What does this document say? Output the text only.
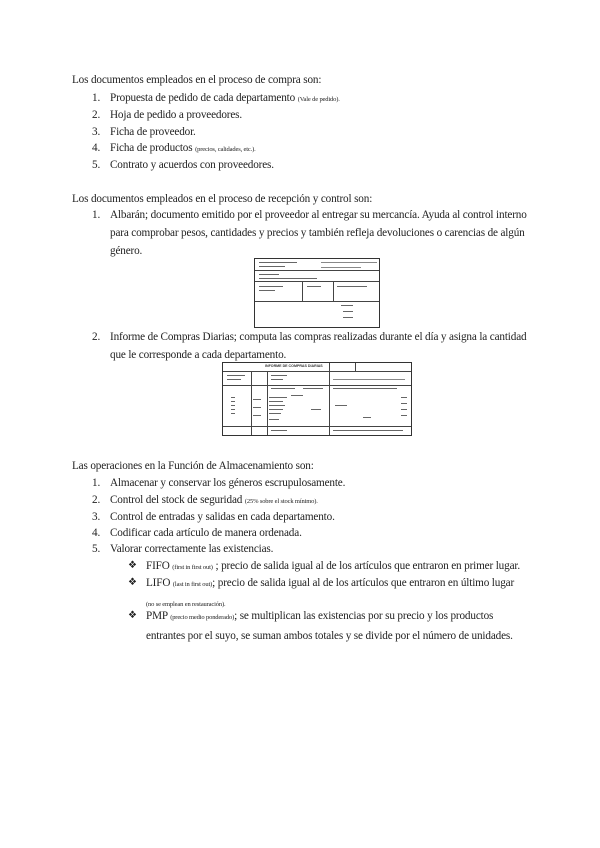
Los documentos empleados en el proceso de compra son:
1. Propuesta de pedido de cada departamento (Vale de pedido).
2. Hoja de pedido a proveedores.
3. Ficha de proveedor.
4. Ficha de productos (precios, calidades, etc.).
5. Contrato y acuerdos con proveedores.
Los documentos empleados en el proceso de recepción y control son:
1. Albarán; documento emitido por el proveedor al entregar su mercancía. Ayuda al control interno para comprobar pesos, cantidades y precios y también refleja devoluciones o carencias de algún género.
2. Informe de Compras Diarias; computa las compras realizadas durante el día y asigna la cantidad que le corresponde a cada departamento.
INFORME DE COMPRAS DIARIAS
Las operaciones en la Función de Almacenamiento son:
1. Almacenar y conservar los géneros escrupulosamente.
2. Control del stock de seguridad (25% sobre el stock mínimo).
3. Control de entradas y salidas en cada departamento.
4. Codificar cada artículo de manera ordenada.
5. Valorar correctamente las existencias.
❖ FIFO (first in first out) ; precio de salida igual al de los artículos que entraron en primer lugar.
❖ LIFO (last in first out); precio de salida igual al de los artículos que entraron en último lugar
(no se emplean en restauración).
❖ PMP (precio medio ponderado); se multiplican las existencias por su precio y los productos entrantes por el suyo, se suman ambos totales y se divide por el número de unidades.
